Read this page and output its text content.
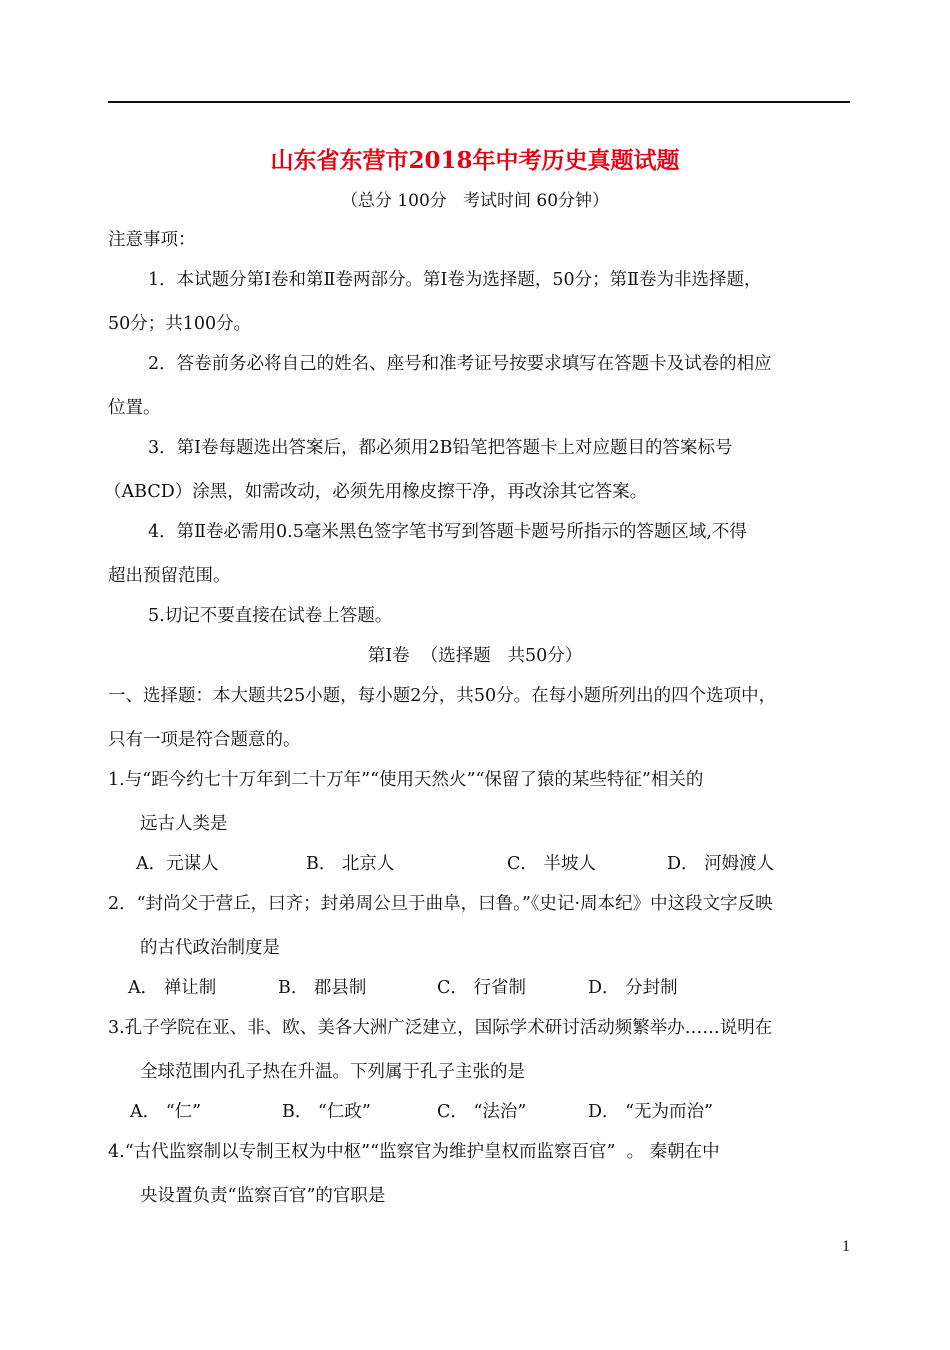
山东省东营市2018年中考历史真题试题
（总分 100分   考试时间 60分钟）
注意事项：
1．本试题分第Ⅰ卷和第Ⅱ卷两部分。第Ⅰ卷为选择题，50分；第Ⅱ卷为非选择题，
50分；共100分。
2．答卷前务必将自己的姓名、座号和准考证号按要求填写在答题卡及试卷的相应
位置。
3．第Ⅰ卷每题选出答案后，都必须用2B铅笔把答题卡上对应题目的答案标号
（ABCD）涂黑，如需改动，必须先用橡皮擦干净，再改涂其它答案。
4．第Ⅱ卷必需用0.5毫米黑色签字笔书写到答题卡题号所指示的答题区域,不得
超出预留范围。
5.切记不要直接在试卷上答题。
第Ⅰ卷  （选择题   共50分）
一、选择题：本大题共25小题，每小题2分，共50分。在每小题所列出的四个选项中，
只有一项是符合题意的。
1.与“距今约七十万年到二十万年”“使用天然火”“保留了猿的某些特征”相关的
远古人类是
A．元谋人	B． 北京人	C． 半坡人	D． 河姆渡人
2．“封尚父于营丘，曰齐；封弟周公旦于曲阜，曰鲁。”《史记·周本纪》中这段文字反映
的古代政治制度是
A． 禅让制	B． 郡县制	C． 行省制	D． 分封制
3.孔子学院在亚、非、欧、美各大洲广泛建立，国际学术研讨活动频繁举办……说明在
全球范围内孔子热在升温。下列属于孔子主张的是
A． “仁”	B． “仁政”	C． “法治”	D． “无为而治”
4.“古代监察制以专制王权为中枢”“监察官为维护皇权而监察百官”  。 秦朝在中
央设置负责“监察百官”的官职是
1
